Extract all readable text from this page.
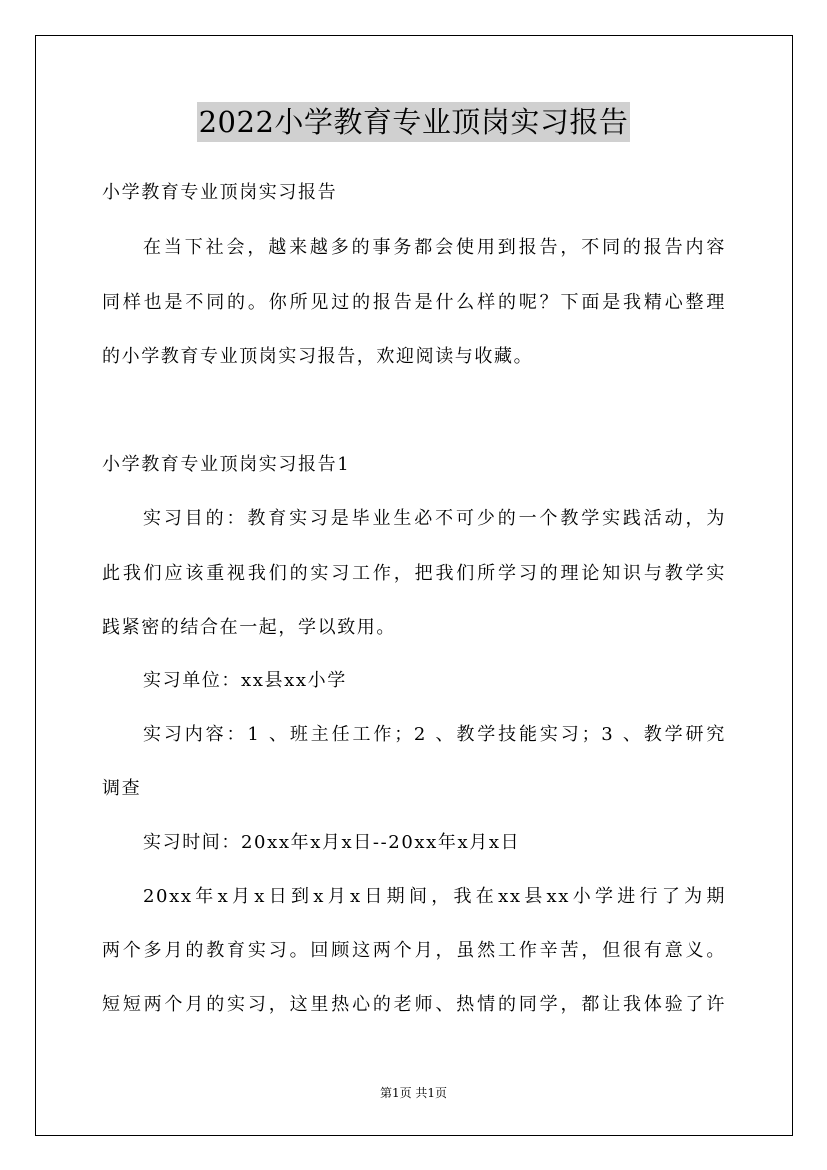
2022小学教育专业顶岗实习报告
小学教育专业顶岗实习报告
在当下社会，越来越多的事务都会使用到报告，不同的报告内容
同样也是不同的。你所见过的报告是什么样的呢？下面是我精心整理
的小学教育专业顶岗实习报告，欢迎阅读与收藏。
小学教育专业顶岗实习报告1
实习目的：教育实习是毕业生必不可少的一个教学实践活动，为
此我们应该重视我们的实习工作，把我们所学习的理论知识与教学实
践紧密的结合在一起，学以致用。
实习单位：xx县xx小学
实习内容：1 、班主任工作；2 、教学技能实习；3 、教学研究
调查
实习时间：20xx年x月x日--20xx年x月x日
20xx年x月x日到x月x日期间，我在xx县xx小学进行了为期
两个多月的教育实习。回顾这两个月，虽然工作辛苦，但很有意义。
短短两个月的实习，这里热心的老师、热情的同学，都让我体验了许
第1页 共1页
